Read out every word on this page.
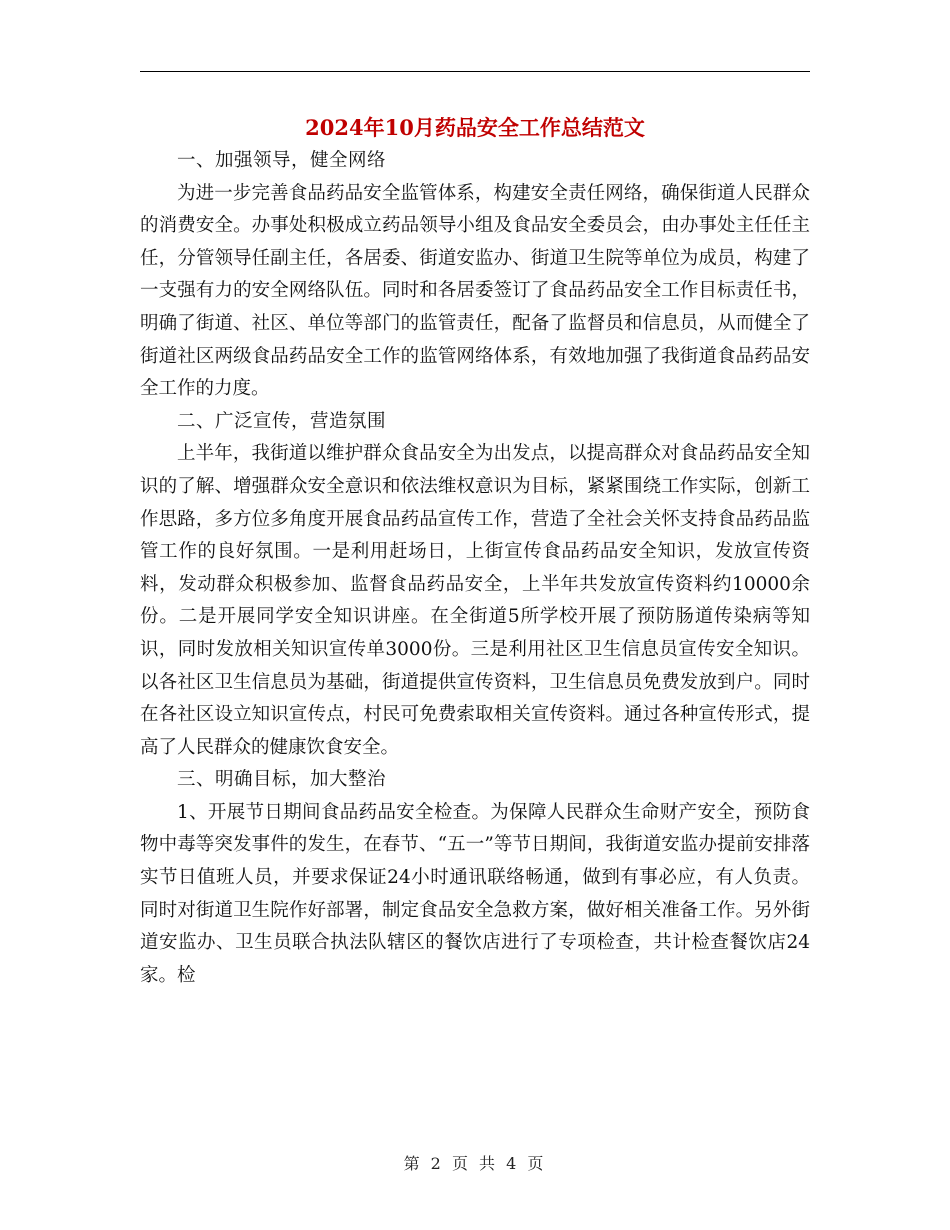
2024年10月药品安全工作总结范文

一、加强领导，健全网络

为进一步完善食品药品安全监管体系，构建安全责任网络，确保街道人民群众的消费安全。办事处积极成立药品领导小组及食品安全委员会，由办事处主任任主任，分管领导任副主任，各居委、街道安监办、街道卫生院等单位为成员，构建了一支强有力的安全网络队伍。同时和各居委签订了食品药品安全工作目标责任书，明确了街道、社区、单位等部门的监管责任，配备了监督员和信息员，从而健全了街道社区两级食品药品安全工作的监管网络体系，有效地加强了我街道食品药品安全工作的力度。

二、广泛宣传，营造氛围

上半年，我街道以维护群众食品安全为出发点，以提高群众对食品药品安全知识的了解、增强群众安全意识和依法维权意识为目标，紧紧围绕工作实际，创新工作思路，多方位多角度开展食品药品宣传工作，营造了全社会关怀支持食品药品监管工作的良好氛围。一是利用赶场日，上街宣传食品药品安全知识，发放宣传资料，发动群众积极参加、监督食品药品安全，上半年共发放宣传资料约10000余份。二是开展同学安全知识讲座。在全街道5所学校开展了预防肠道传染病等知识，同时发放相关知识宣传单3000份。三是利用社区卫生信息员宣传安全知识。以各社区卫生信息员为基础，街道提供宣传资料，卫生信息员免费发放到户。同时在各社区设立知识宣传点，村民可免费索取相关宣传资料。通过各种宣传形式，提高了人民群众的健康饮食安全。

三、明确目标，加大整治

1、开展节日期间食品药品安全检查。为保障人民群众生命财产安全，预防食物中毒等突发事件的发生，在春节、“五一”等节日期间，我街道安监办提前安排落实节日值班人员，并要求保证24小时通讯联络畅通，做到有事必应，有人负责。同时对街道卫生院作好部署，制定食品安全急救方案，做好相关准备工作。另外街道安监办、卫生员联合执法队辖区的餐饮店进行了专项检查，共计检查餐饮店24家。检

第 2 页 共 4 页
